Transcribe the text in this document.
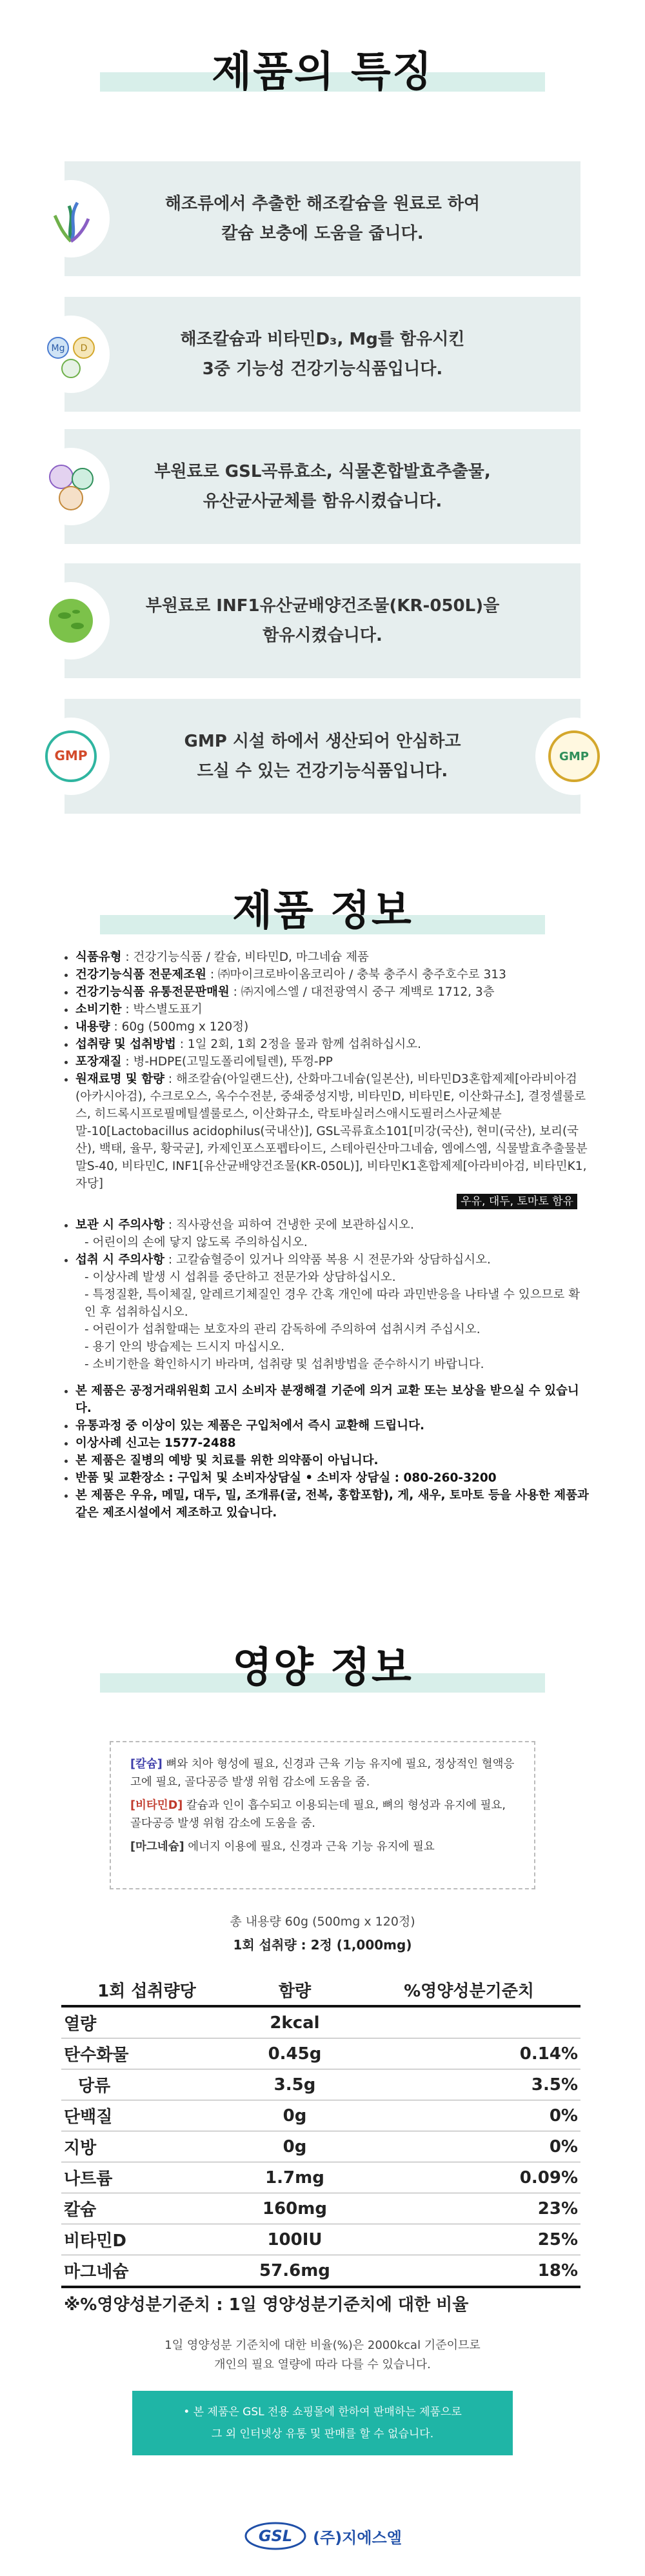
제품의 특징
해조류에서 추출한 해조칼슘을 원료로 하여
칼슘 보충에 도움을 줍니다.
Mg D	해조칼슘과 비타민D₃, Mg를 함유시킨
3중 기능성 건강기능식품입니다.
부원료로 GSL곡류효소, 식물혼합발효추출물,
유산균사균체를 함유시켰습니다.
부원료로 INF1유산균배양건조물(KR-050L)을
함유시켰습니다.
GMP	GMP
GMP 시설 하에서 생산되어 안심하고
드실 수 있는 건강기능식품입니다.
제품 정보
• 식품유형 : 건강기능식품 / 칼슘, 비타민D, 마그네슘 제품
• 건강기능식품 전문제조원 : ㈜마이크로바이옴코리아 / 충북 충주시 충주호수로 313
• 건강기능식품 유통전문판매원 : ㈜지에스엘 / 대전광역시 중구 계백로 1712, 3층
• 소비기한 : 박스별도표기
• 내용량 : 60g (500mg x 120정)
• 섭취량 및 섭취방법 : 1일 2회, 1회 2정을 물과 함께 섭취하십시오.
• 포장재질 : 병-HDPE(고밀도폴리에틸렌), 뚜껑-PP
• 원재료명 및 함량 : 해조칼슘(아일랜드산), 산화마그네슘(일본산), 비타민D3혼합제제[아라비아검(아카시아검), 수크로오스, 옥수수전분, 중쇄중성지방, 비타민D, 비타민E, 이산화규소], 결정셀룰로스, 히드록시프로필메틸셀룰로스, 이산화규소, 락토바실러스애시도필러스사균체분말-10[Lactobacillus acidophilus(국내산)], GSL곡류효소101[미강(국산), 현미(국산), 보리(국산), 백태, 율무, 황국균], 카제인포스포펩타이드, 스테아린산마그네슘, 엠에스엠, 식물발효추출물분말S-40, 비타민C, INF1[유산균배양건조물(KR-050L)], 비타민K1혼합제제[아라비아검, 비타민K1, 자당]
우유, 대두, 토마토 함유
• 보관 시 주의사항 : 직사광선을 피하여 건냉한 곳에 보관하십시오.
- 어린이의 손에 닿지 않도록 주의하십시오.
• 섭취 시 주의사항 : 고칼슘혈증이 있거나 의약품 복용 시 전문가와 상담하십시오.
- 이상사례 발생 시 섭취를 중단하고 전문가와 상담하십시오.
- 특정질환, 특이체질, 알레르기체질인 경우 간혹 개인에 따라 과민반응을 나타낼 수 있으므로 확인 후 섭취하십시오.
- 어린이가 섭취할때는 보호자의 관리 감독하에 주의하여 섭취시켜 주십시오.
- 용기 안의 방습제는 드시지 마십시오.
- 소비기한을 확인하시기 바라며, 섭취량 및 섭취방법을 준수하시기 바랍니다.
• 본 제품은 공정거래위원회 고시 소비자 분쟁해결 기준에 의거 교환 또는 보상을 받으실 수 있습니다.
• 유통과정 중 이상이 있는 제품은 구입처에서 즉시 교환해 드립니다.
• 이상사례 신고는 1577-2488
• 본 제품은 질병의 예방 및 치료를 위한 의약품이 아닙니다.
• 반품 및 교환장소 : 구입처 및 소비자상담실 • 소비자 상담실 : 080-260-3200
• 본 제품은 우유, 메밀, 대두, 밀, 조개류(굴, 전복, 홍합포함), 게, 새우, 토마토 등을 사용한 제품과 같은 제조시설에서 제조하고 있습니다.
영양 정보
[칼슘] 뼈와 치아 형성에 필요, 신경과 근육 기능 유지에 필요, 정상적인 혈액응고에 필요, 골다공증 발생 위험 감소에 도움을 줌.
[비타민D] 칼슘과 인이 흡수되고 이용되는데 필요, 뼈의 형성과 유지에 필요, 골다공증 발생 위험 감소에 도움을 줌.
[마그네슘] 에너지 이용에 필요, 신경과 근육 기능 유지에 필요
총 내용량 60g (500mg x 120정)
1회 섭취량 : 2정 (1,000mg)
1회 섭취량당	함량	%영양성분기준치
열량	2kcal	
탄수화물	0.45g	0.14%
당류	3.5g	3.5%
단백질	0g	0%
지방	0g	0%
나트륨	1.7mg	0.09%
칼슘	160mg	23%
비타민D	100IU	25%
마그네슘	57.6mg	18%
※%영양성분기준치 : 1일 영양성분기준치에 대한 비율		
1일 영양성분 기준치에 대한 비율(%)은 2000kcal 기준이므로
개인의 필요 열량에 따라 다를 수 있습니다.
• 본 제품은 GSL 전용 쇼핑몰에 한하여 판매하는 제품으로
그 외 인터넷상 유통 및 판매를 할 수 없습니다.
GSL (주)지에스엘
